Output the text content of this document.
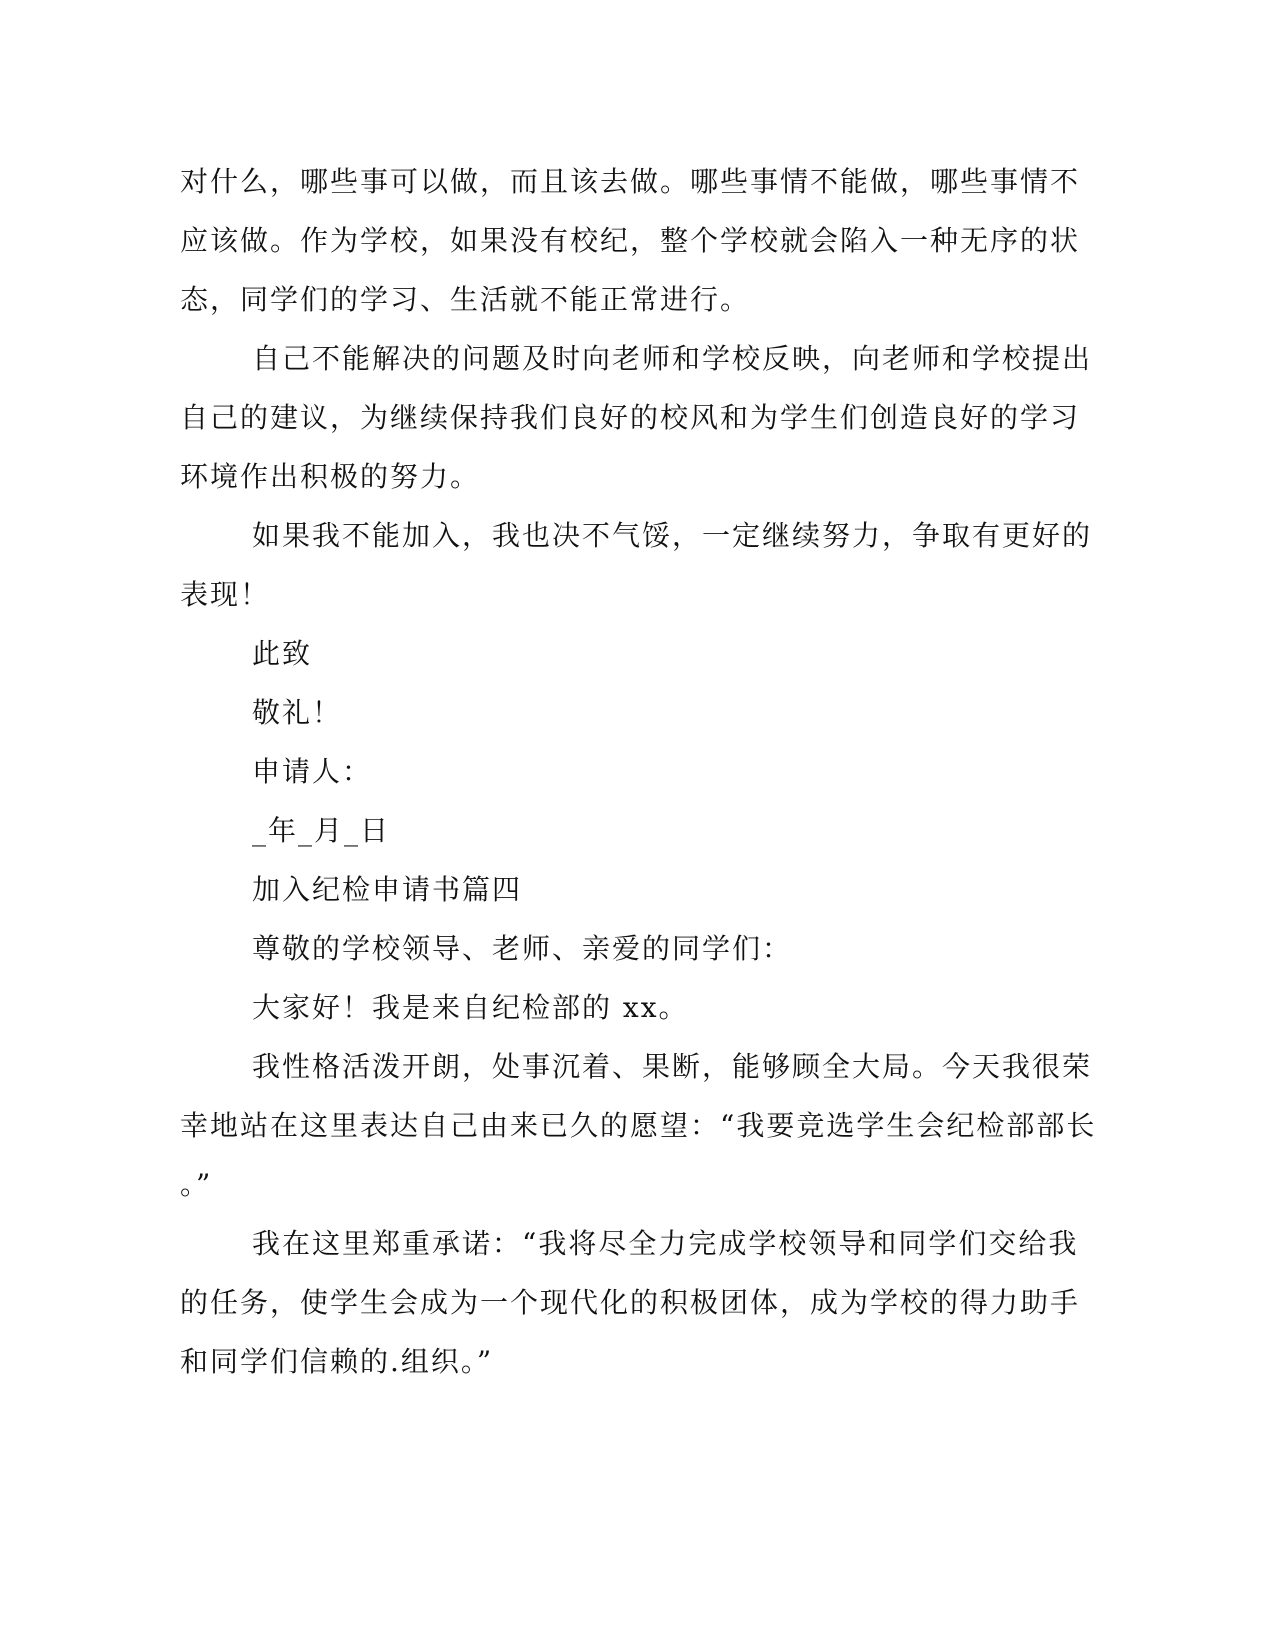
对什么，哪些事可以做，而且该去做。哪些事情不能做，哪些事情不
应该做。作为学校，如果没有校纪，整个学校就会陷入一种无序的状
态，同学们的学习、生活就不能正常进行。
自己不能解决的问题及时向老师和学校反映，向老师和学校提出
自己的建议，为继续保持我们良好的校风和为学生们创造良好的学习
环境作出积极的努力。
如果我不能加入，我也决不气馁，一定继续努力，争取有更好的
表现！
此致
敬礼！
申请人：
_年_月_日
加入纪检申请书篇四
尊敬的学校领导、老师、亲爱的同学们：
大家好！我是来自纪检部的 xx。
我性格活泼开朗，处事沉着、果断，能够顾全大局。今天我很荣
幸地站在这里表达自己由来已久的愿望：“我要竞选学生会纪检部部长
。”
我在这里郑重承诺：“我将尽全力完成学校领导和同学们交给我
的任务，使学生会成为一个现代化的积极团体，成为学校的得力助手
和同学们信赖的.组织。”
